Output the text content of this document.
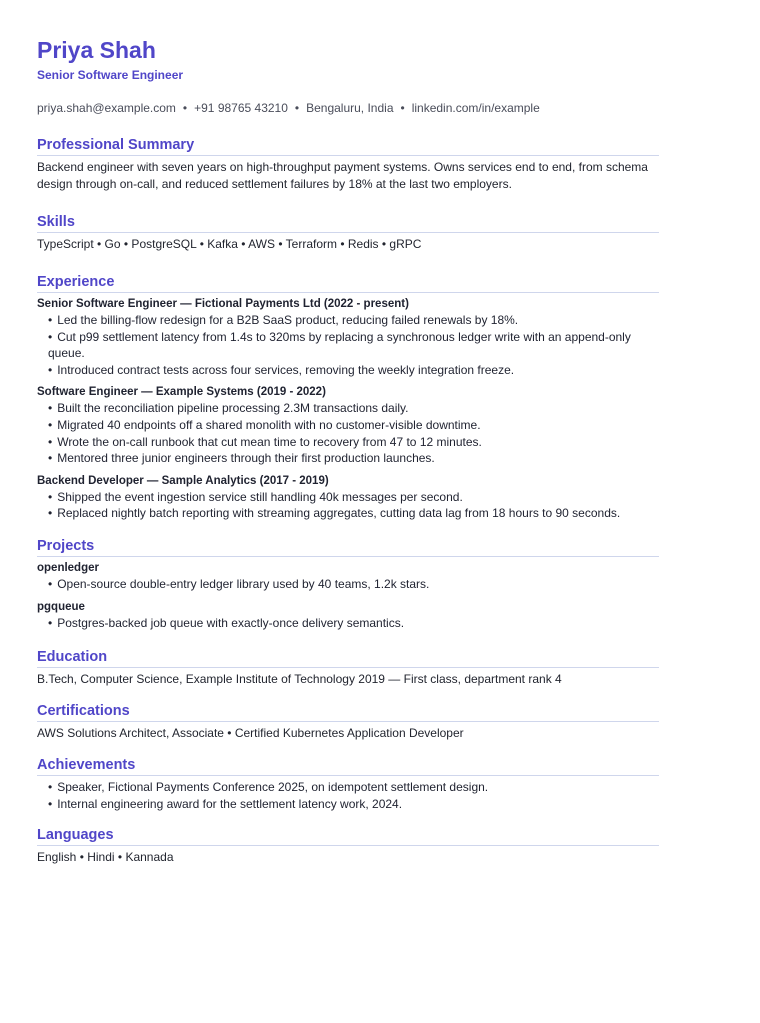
Priya Shah
Senior Software Engineer
priya.shah@example.com • +91 98765 43210 • Bengaluru, India • linkedin.com/in/example
Professional Summary
Backend engineer with seven years on high-throughput payment systems. Owns services end to end, from schema design through on-call, and reduced settlement failures by 18% at the last two employers.
Skills
TypeScript • Go • PostgreSQL • Kafka • AWS • Terraform • Redis • gRPC
Experience
Senior Software Engineer — Fictional Payments Ltd (2022 - present)
• Led the billing-flow redesign for a B2B SaaS product, reducing failed renewals by 18%.
• Cut p99 settlement latency from 1.4s to 320ms by replacing a synchronous ledger write with an append-only queue.
• Introduced contract tests across four services, removing the weekly integration freeze.
Software Engineer — Example Systems (2019 - 2022)
• Built the reconciliation pipeline processing 2.3M transactions daily.
• Migrated 40 endpoints off a shared monolith with no customer-visible downtime.
• Wrote the on-call runbook that cut mean time to recovery from 47 to 12 minutes.
• Mentored three junior engineers through their first production launches.
Backend Developer — Sample Analytics (2017 - 2019)
• Shipped the event ingestion service still handling 40k messages per second.
• Replaced nightly batch reporting with streaming aggregates, cutting data lag from 18 hours to 90 seconds.
Projects
openledger
• Open-source double-entry ledger library used by 40 teams, 1.2k stars.
pgqueue
• Postgres-backed job queue with exactly-once delivery semantics.
Education
B.Tech, Computer Science, Example Institute of Technology 2019 — First class, department rank 4
Certifications
AWS Solutions Architect, Associate • Certified Kubernetes Application Developer
Achievements
• Speaker, Fictional Payments Conference 2025, on idempotent settlement design.
• Internal engineering award for the settlement latency work, 2024.
Languages
English • Hindi • Kannada
